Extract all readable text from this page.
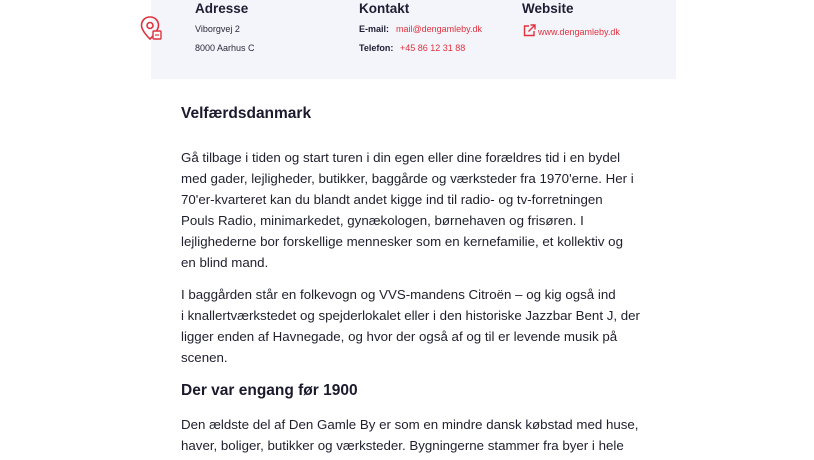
Adresse
Viborgvej 2
8000 Aarhus C
Kontakt
E-mail: mail@dengamleby.dk
Telefon: +45 86 12 31 88
Website
www.dengamleby.dk
Velfærdsdanmark

Gå tilbage i tiden og start turen i din egen eller dine forældres tid i en bydel

med gader, lejligheder, butikker, baggårde og værksteder fra 1970'erne. Her i

70'er-kvarteret kan du blandt andet kigge ind til radio- og tv-forretningen

Pouls Radio, minimarkedet, gynækologen, børnehaven og frisøren. I

lejlighederne bor forskellige mennesker som en kernefamilie, et kollektiv og

en blind mand.

I baggården står en folkevogn og VVS-mandens Citroën – og kig også ind

i knallertværkstedet og spejderlokalet eller i den historiske Jazzbar Bent J, der

ligger enden af Havnegade, og hvor der også af og til er levende musik på

scenen.

Der var engang før 1900

Den ældste del af Den Gamle By er som en mindre dansk købstad med huse,

haver, boliger, butikker og værksteder. Bygningerne stammer fra byer i hele
